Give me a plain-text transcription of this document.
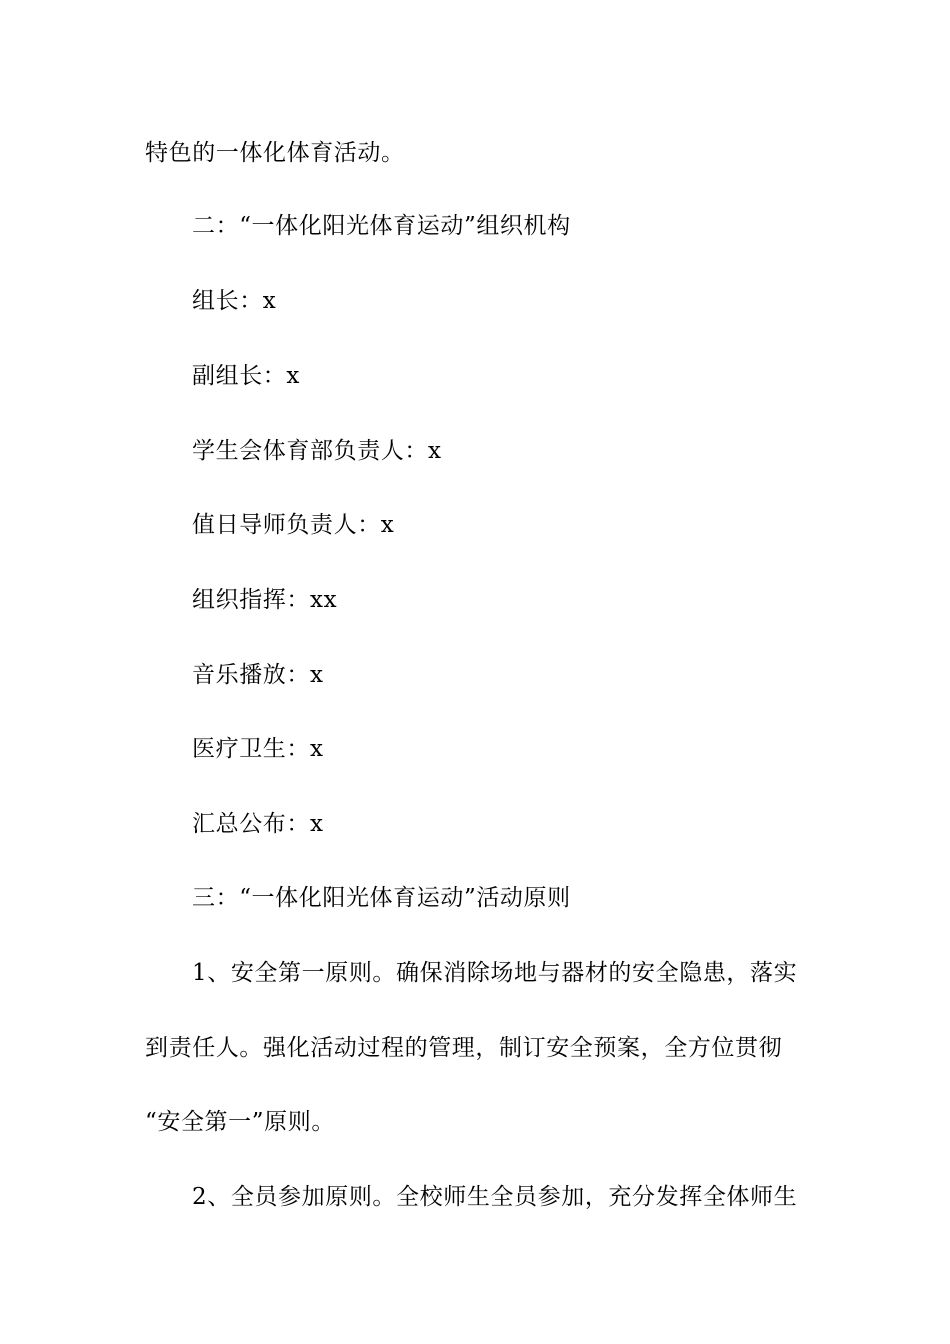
特色的一体化体育活动。
二：“一体化阳光体育运动”组织机构
组长：x
副组长：x
学生会体育部负责人：x
值日导师负责人：x
组织指挥：xx
音乐播放：x
医疗卫生：x
汇总公布：x
三：“一体化阳光体育运动”活动原则
1、安全第一原则。确保消除场地与器材的安全隐患，落实
到责任人。强化活动过程的管理，制订安全预案，全方位贯彻
“安全第一”原则。
2、全员参加原则。全校师生全员参加，充分发挥全体师生
